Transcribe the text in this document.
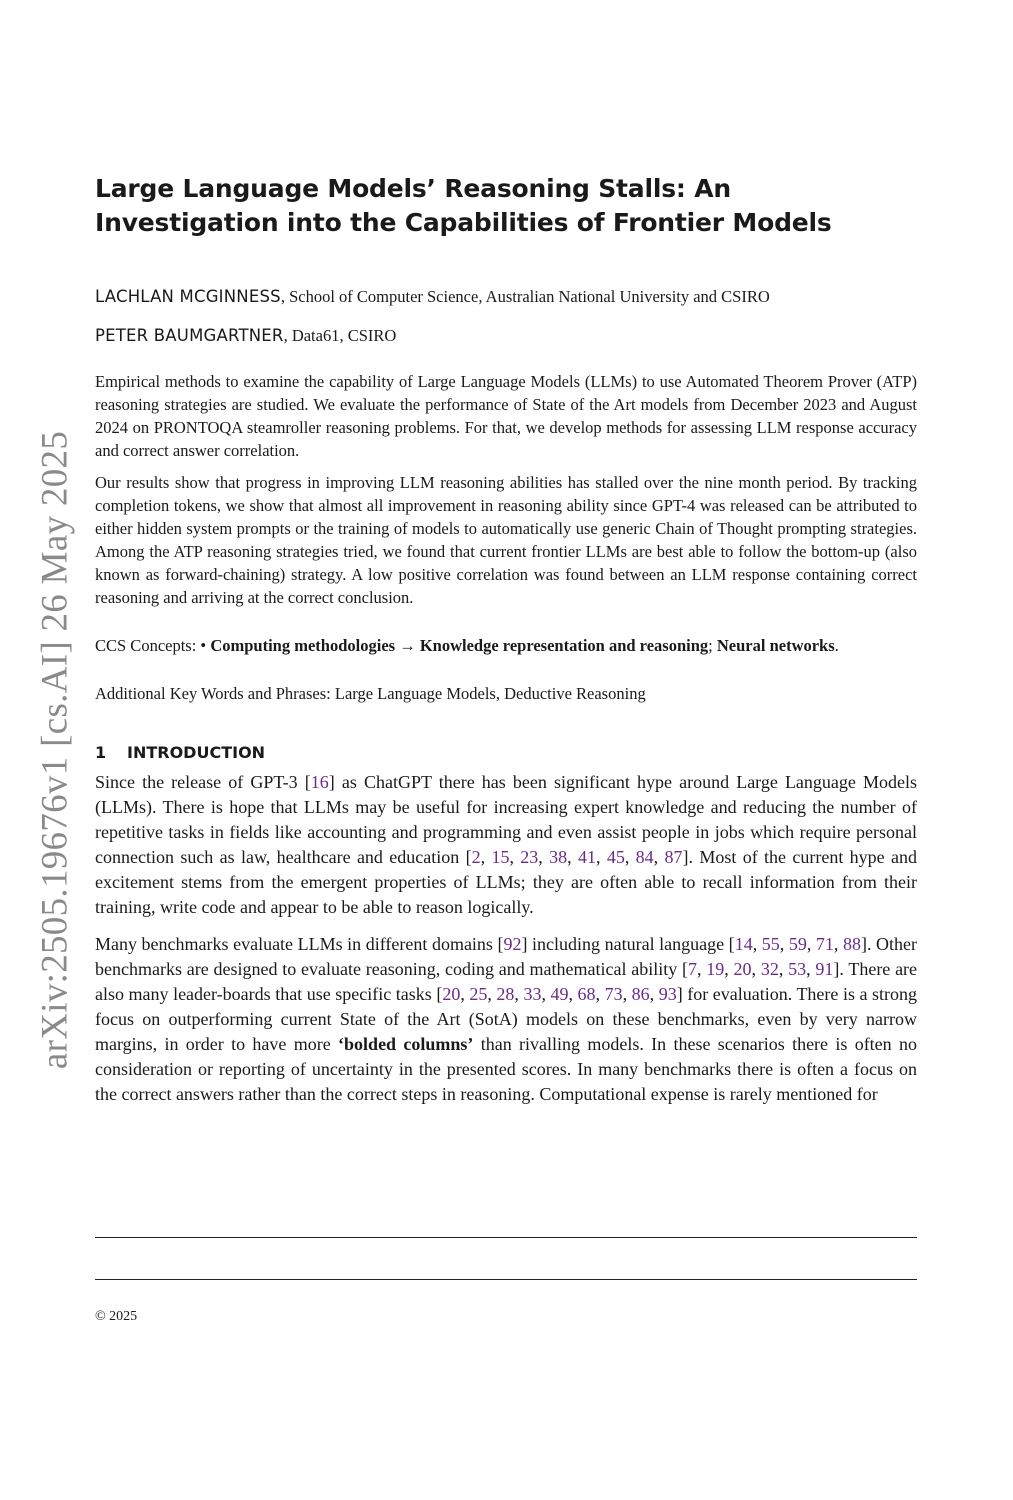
arXiv:2505.19676v1 [cs.AI] 26 May 2025
Large Language Models’ Reasoning Stalls: An Investigation into the Capabilities of Frontier Models
LACHLAN MCGINNESS, School of Computer Science, Australian National University and CSIRO
PETER BAUMGARTNER, Data61, CSIRO

Empirical methods to examine the capability of Large Language Models (LLMs) to use Automated Theorem Prover (ATP) reasoning strategies are studied. We evaluate the performance of State of the Art models from December 2023 and August 2024 on PRONTOQA steamroller reasoning problems. For that, we develop methods for assessing LLM response accuracy and correct answer correlation.

Our results show that progress in improving LLM reasoning abilities has stalled over the nine month period. By tracking completion tokens, we show that almost all improvement in reasoning ability since GPT-4 was released can be attributed to either hidden system prompts or the training of models to automatically use generic Chain of Thought prompting strategies. Among the ATP reasoning strategies tried, we found that current frontier LLMs are best able to follow the bottom-up (also known as forward-chaining) strategy. A low positive correlation was found between an LLM response containing correct reasoning and arriving at the correct conclusion.

CCS Concepts: • Computing methodologies → Knowledge representation and reasoning; Neural networks.
Additional Key Words and Phrases: Large Language Models, Deductive Reasoning
1 INTRODUCTION

Since the release of GPT-3 [16] as ChatGPT there has been significant hype around Large Language Models (LLMs). There is hope that LLMs may be useful for increasing expert knowledge and reducing the number of repetitive tasks in fields like accounting and programming and even assist people in jobs which require personal connection such as law, healthcare and education [2, 15, 23, 38, 41, 45, 84, 87]. Most of the current hype and excitement stems from the emergent properties of LLMs; they are often able to recall information from their training, write code and appear to be able to reason logically.

Many benchmarks evaluate LLMs in different domains [92] including natural language [14, 55, 59, 71, 88]. Other benchmarks are designed to evaluate reasoning, coding and mathematical ability [7, 19, 20, 32, 53, 91]. There are also many leader-boards that use specific tasks [20, 25, 28, 33, 49, 68, 73, 86, 93] for evaluation. There is a strong focus on outperforming current State of the Art (SotA) models on these benchmarks, even by very narrow margins, in order to have more ‘bolded columns’ than rivalling models. In these scenarios there is often no consideration or reporting of uncertainty in the presented scores. In many benchmarks there is often a focus on the correct answers rather than the correct steps in reasoning. Computational expense is rarely mentioned for

© 2025
